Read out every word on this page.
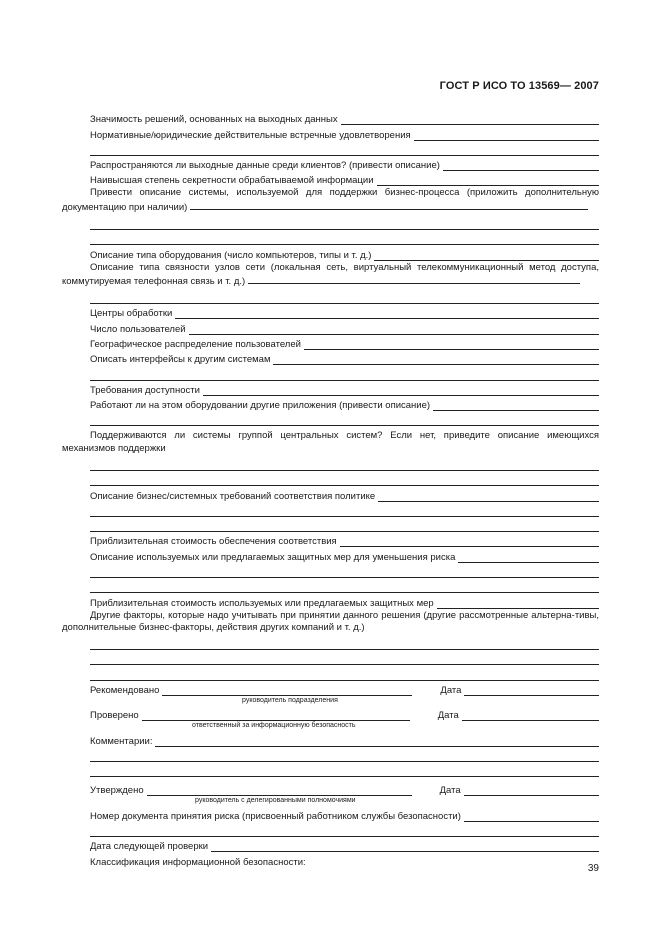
ГОСТ Р ИСО ТО 13569— 2007
Значимость решений, основанных на выходных данных
Нормативные/юридические действительные встречные удовлетворения
Распространяются ли выходные данные среди клиентов? (привести описание)
Наивысшая степень секретности обрабатываемой информации
Привести описание системы, используемой для поддержки бизнес-процесса (приложить дополнительную документацию при наличии)
Описание типа оборудования (число компьютеров, типы и т. д.)
Описание типа связности узлов сети (локальная сеть, виртуальный телекоммуникационный метод доступа, коммутируемая телефонная связь и т. д.)
Центры обработки
Число пользователей
Географическое распределение пользователей
Описать интерфейсы к другим системам
Требования доступности
Работают ли на этом оборудовании другие приложения (привести описание)
Поддерживаются ли системы группой центральных систем? Если нет, приведите описание имеющихся механизмов поддержки
Описание бизнес/системных требований соответствия политике
Приблизительная стоимость обеспечения соответствия
Описание используемых или предлагаемых защитных мер для уменьшения риска
Приблизительная стоимость используемых или предлагаемых защитных мер
Другие факторы, которые надо учитывать при принятии данного решения (другие рассмотренные альтерна-тивы, дополнительные бизнес-факторы, действия других компаний и т. д.)
Рекомендовано	Дата
руководитель подразделения
Проверено	Дата
ответственный за информационную безопасность
Комментарии:
Утверждено	Дата
руководитель с делегированными полномочиями
Номер документа принятия риска (присвоенный работником службы безопасности)
Дата следующей проверки
Классификация информационной безопасности:
39
